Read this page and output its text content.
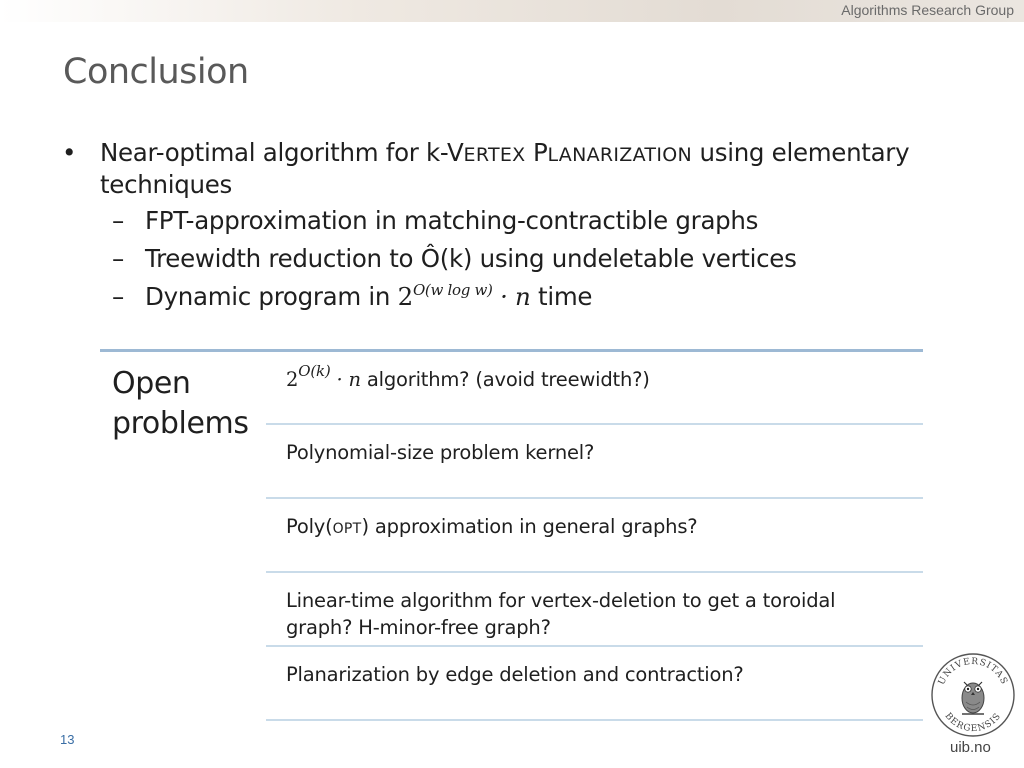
Algorithms Research Group
Conclusion
• Near-optimal algorithm for k-VERTEX PLANARIZATION using elementary techniques
– FPT-approximation in matching-contractible graphs
– Treewidth reduction to Ô(k) using undeletable vertices
– Dynamic program in $2^{O(w log w)} \cdot n$ time
Open problems
$2^{O(k)} \cdot n$ algorithm? (avoid treewidth?)
Polynomial-size problem kernel?
Poly(OPT) approximation in general graphs?
Linear-time algorithm for vertex-deletion to get a toroidal graph? H-minor-free graph?
Planarization by edge deletion and contraction?	UNIVERSITAS
BERGENSIS
13	uib.no
